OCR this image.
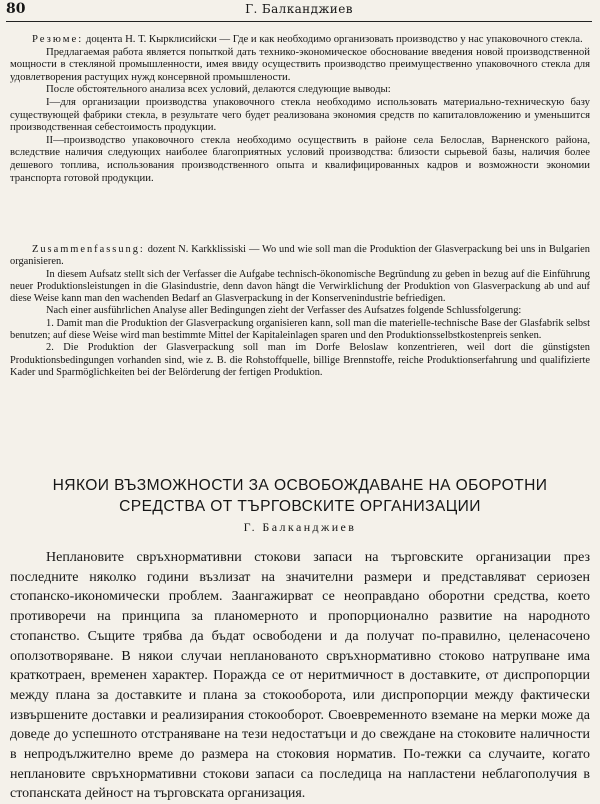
80	Г. Балканджиев

Резюме: доцента Н. Т. Кырклисийски — Где и как необходимо организовать производство у нас упаковочного стекла.

Предлагаемая работа является попыткой дать технико-экономическое обоснование введения новой производственной мощности в стекляной промышленности, имея ввиду осуществить производство преимущественно упаковочного стекла для удовлетворения растущих нужд консервной промышлености.

После обстоятельного анализа всех условий, делаются следующие выводы:

I—для организации производства упаковочного стекла необходимо использовать материально-техническую базу существующей фабрики стекла, в результате чего будет реализована экономия средств по капиталовложению и уменьшится производственная себестоимость продукции.

II—производство упаковочного стекла необходимо осуществить в районе села Белослав, Варненского района, вследствие наличия следующих наиболее благоприятных условий производства: близости сырьевой базы, наличия более дешевого топлива, использования производственного опыта и квалифицированных кадров и возможности экономии транспорта готовой продукции.

Zusammenfassung: dozent N. Karkklissiski — Wo und wie soll man die Produktion der Glasverpackung bei uns in Bulgarien organisieren.

In diesem Aufsatz stellt sich der Verfasser die Aufgabe technisch-ökonomische Begründung zu geben in bezug auf die Einführung neuer Produktionsleistungen in die Glasindustrie, denn davon hängt die Verwirklichung der Produktion von Glasverpackung ab und auf diese Weise kann man den wachenden Bedarf an Glasverpackung in der Konservenindustrie befriedigen.

Nach einer ausführlichen Analyse aller Bedingungen zieht der Verfasser des Aufsatzes folgende Schlussfolgerung:

1. Damit man die Produktion der Glasverpackung organisieren kann, soll man die materielle-technische Base der Glasfabrik selbst benutzen; auf diese Weise wird man bestimmte Mittel der Kapitaleinlagen sparen und den Produktionsselbstkostenpreis senken.

2. Die Produktion der Glasverpackung soll man im Dorfe Beloslaw konzentrieren, weil dort die günstigsten Produktionsbedingungen vorhanden sind, wie z. B. die Rohstoffquelle, billige Brennstoffe, reiche Produktionserfahrung und qualifizierte Kader und Sparmöglichkeiten bei der Belörderung der fertigen Produktion.

НЯКОИ ВЪЗМОЖНОСТИ ЗА ОСВОБОЖДАВАНЕ НА ОБОРОТНИ СРЕДСТВА ОТ ТЪРГОВСКИТЕ ОРГАНИЗАЦИИ
Г. Балканджиев

Неплановите свръхнормативни стокови запаси на търговските организации през последните няколко години възлизат на значителни размери и представляват сериозен стопанско-икономически проблем. Заангажирват се неоправдано оборотни средства, което противоречи на принципа за планомерното и пропорционално развитие на народното стопанство. Същите трябва да бъдат освободени и да получат по-правилно, целенасочено оползотворяване. В някои случаи непланованото свръхнормативно стоково натрупване има краткотраен, временен характер. Поражда се от неритмичност в доставките, от диспропорции между плана за доставките и плана за стокооборота, или диспропорции между фактически извършените доставки и реализирания стокооборот. Своевременното вземане на мерки може да доведе до успешното отстраняване на тези недостатъци и до свеждане на стоковите наличности в непродължително време до размера на стоковия норматив. По-тежки са случаите, когато неплановите свръхнормативни стокови запаси са последица на напластени неблагополучия в стопанската дейност на търговската организация.
